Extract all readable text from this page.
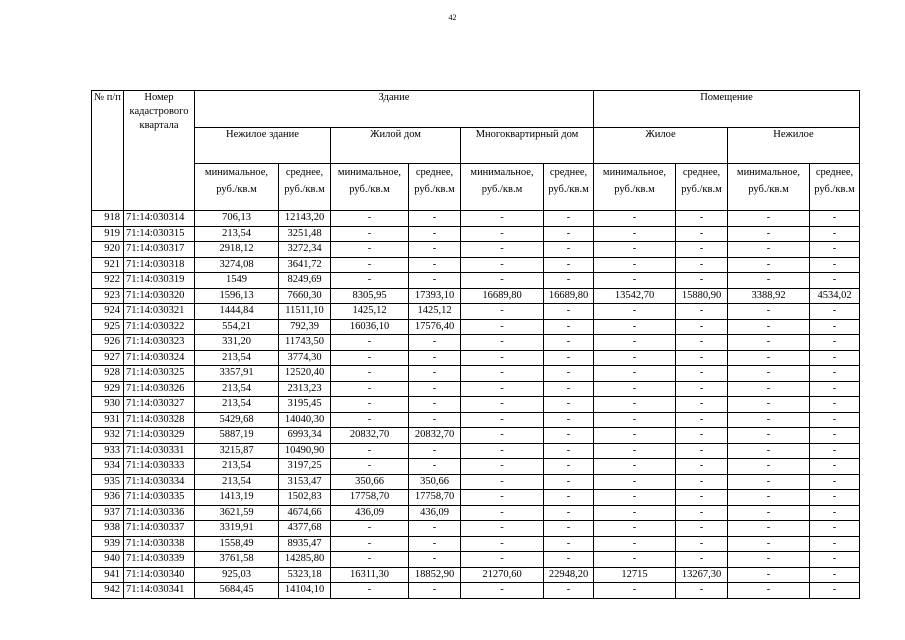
42
№ п/п	Номер кадастрового квартала	Здание						Помещение			
		Нежилое здание		Жилой дом		Многоквартирный дом		Жилое		Нежилое	
		минимальное, руб./кв.м	среднее, руб./кв.м	минимальное, руб./кв.м	среднее, руб./кв.м	минимальное, руб./кв.м	среднее, руб./кв.м	минимальное, руб./кв.м	среднее, руб./кв.м	минимальное, руб./кв.м	среднее, руб./кв.м
918	71:14:030314	706,13	12143,20	-	-	-	-	-	-	-	-
919	71:14:030315	213,54	3251,48	-	-	-	-	-	-	-	-
920	71:14:030317	2918,12	3272,34	-	-	-	-	-	-	-	-
921	71:14:030318	3274,08	3641,72	-	-	-	-	-	-	-	-
922	71:14:030319	1549	8249,69	-	-	-	-	-	-	-	-
923	71:14:030320	1596,13	7660,30	8305,95	17393,10	16689,80	16689,80	13542,70	15880,90	3388,92	4534,02
924	71:14:030321	1444,84	11511,10	1425,12	1425,12	-	-	-	-	-	-
925	71:14:030322	554,21	792,39	16036,10	17576,40	-	-	-	-	-	-
926	71:14:030323	331,20	11743,50	-	-	-	-	-	-	-	-
927	71:14:030324	213,54	3774,30	-	-	-	-	-	-	-	-
928	71:14:030325	3357,91	12520,40	-	-	-	-	-	-	-	-
929	71:14:030326	213,54	2313,23	-	-	-	-	-	-	-	-
930	71:14:030327	213,54	3195,45	-	-	-	-	-	-	-	-
931	71:14:030328	5429,68	14040,30	-	-	-	-	-	-	-	-
932	71:14:030329	5887,19	6993,34	20832,70	20832,70	-	-	-	-	-	-
933	71:14:030331	3215,87	10490,90	-	-	-	-	-	-	-	-
934	71:14:030333	213,54	3197,25	-	-	-	-	-	-	-	-
935	71:14:030334	213,54	3153,47	350,66	350,66	-	-	-	-	-	-
936	71:14:030335	1413,19	1502,83	17758,70	17758,70	-	-	-	-	-	-
937	71:14:030336	3621,59	4674,66	436,09	436,09	-	-	-	-	-	-
938	71:14:030337	3319,91	4377,68	-	-	-	-	-	-	-	-
939	71:14:030338	1558,49	8935,47	-	-	-	-	-	-	-	-
940	71:14:030339	3761,58	14285,80	-	-	-	-	-	-	-	-
941	71:14:030340	925,03	5323,18	16311,30	18852,90	21270,60	22948,20	12715	13267,30	-	-
942	71:14:030341	5684,45	14104,10	-	-	-	-	-	-	-	-
